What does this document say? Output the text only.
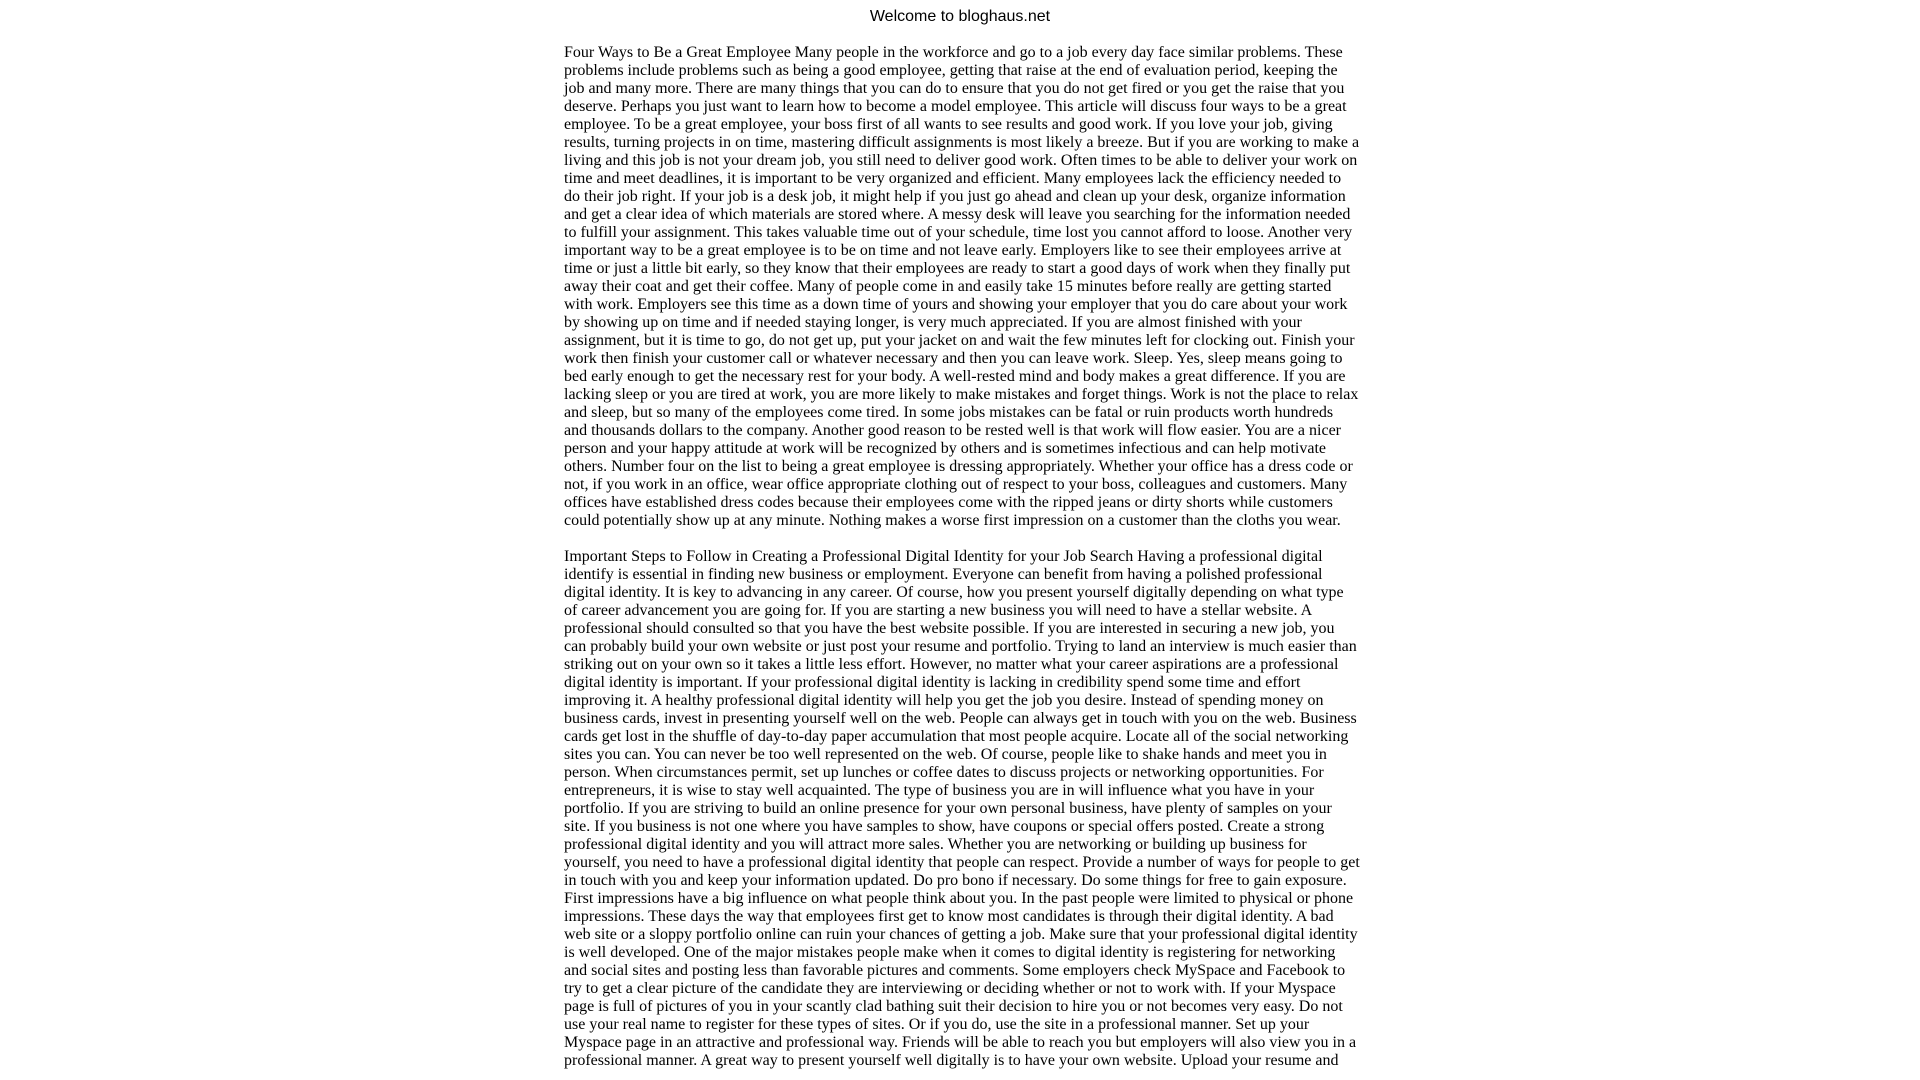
Welcome to bloghaus.net

Four Ways to Be a Great Employee Many people in the workforce and go to a job every day face similar problems. These problems include problems such as being a good employee, getting that raise at the end of evaluation period, keeping the job and many more. There are many things that you can do to ensure that you do not get fired or you get the raise that you deserve. Perhaps you just want to learn how to become a model employee. This article will discuss four ways to be a great employee. To be a great employee, your boss first of all wants to see results and good work. If you love your job, giving results, turning projects in on time, mastering difficult assignments is most likely a breeze. But if you are working to make a living and this job is not your dream job, you still need to deliver good work. Often times to be able to deliver your work on time and meet deadlines, it is important to be very organized and efficient. Many employees lack the efficiency needed to do their job right. If your job is a desk job, it might help if you just go ahead and clean up your desk, organize information and get a clear idea of which materials are stored where. A messy desk will leave you searching for the information needed to fulfill your assignment. This takes valuable time out of your schedule, time lost you cannot afford to loose. Another very important way to be a great employee is to be on time and not leave early. Employers like to see their employees arrive at time or just a little bit early, so they know that their employees are ready to start a good days of work when they finally put away their coat and get their coffee. Many of people come in and easily take 15 minutes before really are getting started with work. Employers see this time as a down time of yours and showing your employer that you do care about your work by showing up on time and if needed staying longer, is very much appreciated. If you are almost finished with your assignment, but it is time to go, do not get up, put your jacket on and wait the few minutes left for clocking out. Finish your work then finish your customer call or whatever necessary and then you can leave work. Sleep. Yes, sleep means going to bed early enough to get the necessary rest for your body. A well-rested mind and body makes a great difference. If you are lacking sleep or you are tired at work, you are more likely to make mistakes and forget things. Work is not the place to relax and sleep, but so many of the employees come tired. In some jobs mistakes can be fatal or ruin products worth hundreds and thousands dollars to the company. Another good reason to be rested well is that work will flow easier. You are a nicer person and your happy attitude at work will be recognized by others and is sometimes infectious and can help motivate others. Number four on the list to being a great employee is dressing appropriately. Whether your office has a dress code or not, if you work in an office, wear office appropriate clothing out of respect to your boss, colleagues and customers. Many offices have established dress codes because their employees come with the ripped jeans or dirty shorts while customers could potentially show up at any minute. Nothing makes a worse first impression on a customer than the cloths you wear.

Important Steps to Follow in Creating a Professional Digital Identity for your Job Search Having a professional digital identify is essential in finding new business or employment. Everyone can benefit from having a polished professional digital identity. It is key to advancing in any career. Of course, how you present yourself digitally depending on what type of career advancement you are going for. If you are starting a new business you will need to have a stellar website. A professional should consulted so that you have the best website possible. If you are interested in securing a new job, you can probably build your own website or just post your resume and portfolio. Trying to land an interview is much easier than striking out on your own so it takes a little less effort. However, no matter what your career aspirations are a professional digital identity is important. If your professional digital identity is lacking in credibility spend some time and effort improving it. A healthy professional digital identity will help you get the job you desire. Instead of spending money on business cards, invest in presenting yourself well on the web. People can always get in touch with you on the web. Business cards get lost in the shuffle of day-to-day paper accumulation that most people acquire. Locate all of the social networking sites you can. You can never be too well represented on the web. Of course, people like to shake hands and meet you in person. When circumstances permit, set up lunches or coffee dates to discuss projects or networking opportunities. For entrepreneurs, it is wise to stay well acquainted. The type of business you are in will influence what you have in your portfolio. If you are striving to build an online presence for your own personal business, have plenty of samples on your site. If you business is not one where you have samples to show, have coupons or special offers posted. Create a strong professional digital identity and you will attract more sales. Whether you are networking or building up business for yourself, you need to have a professional digital identity that people can respect. Provide a number of ways for people to get in touch with you and keep your information updated. Do pro bono if necessary. Do some things for free to gain exposure. First impressions have a big influence on what people think about you. In the past people were limited to physical or phone impressions. These days the way that employees first get to know most candidates is through their digital identity. A bad web site or a sloppy portfolio online can ruin your chances of getting a job. Make sure that your professional digital identity is well developed. One of the major mistakes people make when it comes to digital identity is registering for networking and social sites and posting less than favorable pictures and comments. Some employers check MySpace and Facebook to try to get a clear picture of the candidate they are interviewing or deciding whether or not to work with. If your Myspace page is full of pictures of you in your scantly clad bathing suit their decision to hire you or not becomes very easy. Do not use your real name to register for these types of sites. Or if you do, use the site in a professional manner. Set up your Myspace page in an attractive and professional way. Friends will be able to reach you but employers will also view you in a professional manner. A great way to present yourself well digitally is to have your own website. Upload your resume and
